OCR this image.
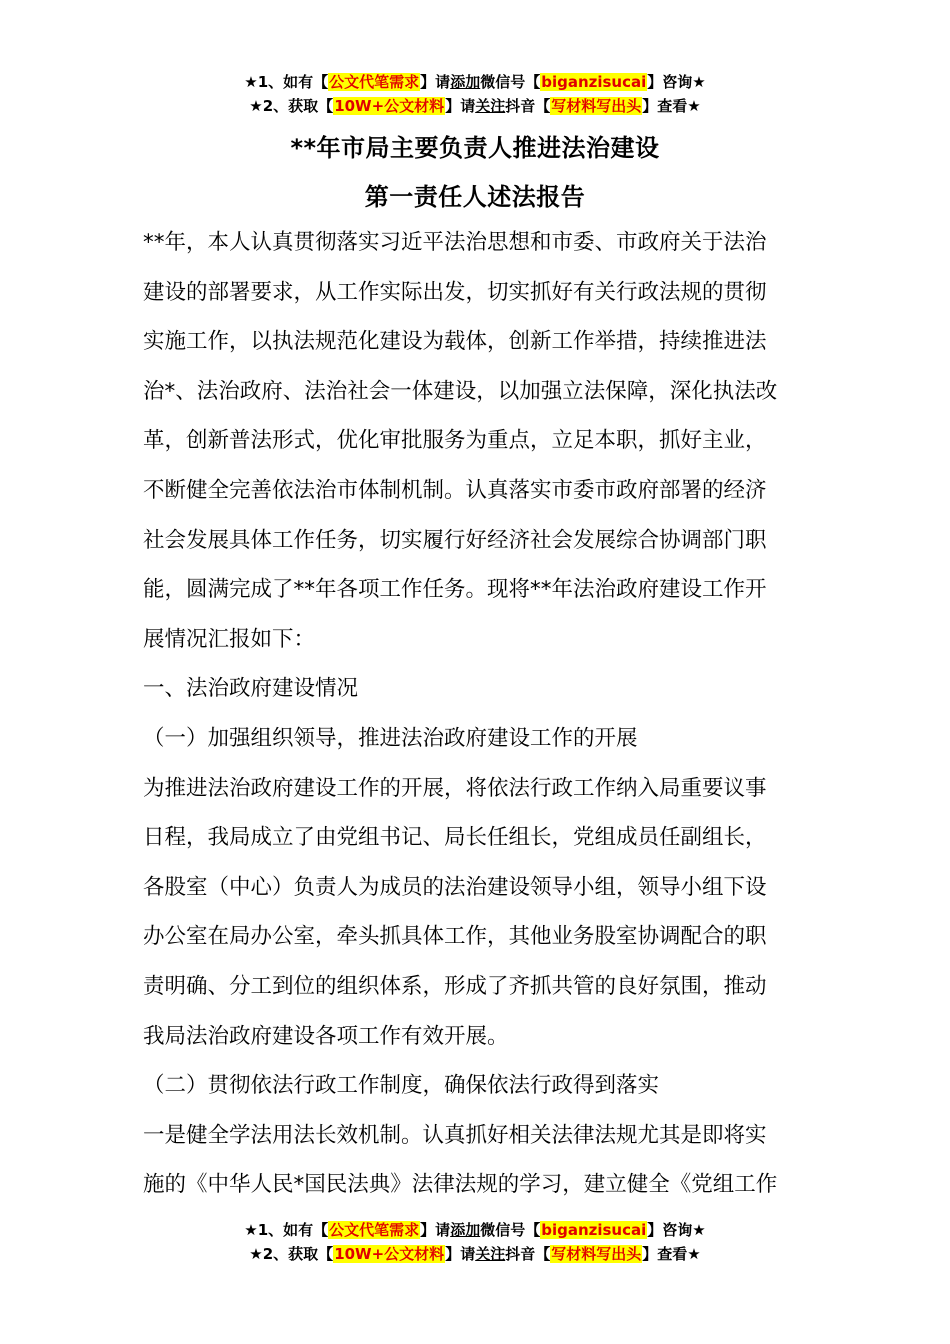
★1、如有【公文代笔需求】请添加微信号【biganzisucai】咨询★
★2、获取【10W+公文材料】请关注抖音【写材料写出头】查看★
**年市局主要负责人推进法治建设
第一责任人述法报告
**年，本人认真贯彻落实习近平法治思想和市委、市政府关于法治
建设的部署要求，从工作实际出发，切实抓好有关行政法规的贯彻
实施工作，以执法规范化建设为载体，创新工作举措，持续推进法
治*、法治政府、法治社会一体建设，以加强立法保障，深化执法改
革，创新普法形式，优化审批服务为重点，立足本职，抓好主业，
不断健全完善依法治市体制机制。认真落实市委市政府部署的经济
社会发展具体工作任务，切实履行好经济社会发展综合协调部门职
能，圆满完成了**年各项工作任务。现将**年法治政府建设工作开
展情况汇报如下：
一、法治政府建设情况
（一）加强组织领导，推进法治政府建设工作的开展
为推进法治政府建设工作的开展，将依法行政工作纳入局重要议事
日程，我局成立了由党组书记、局长任组长，党组成员任副组长，
各股室（中心）负责人为成员的法治建设领导小组，领导小组下设
办公室在局办公室，牵头抓具体工作，其他业务股室协调配合的职
责明确、分工到位的组织体系，形成了齐抓共管的良好氛围，推动
我局法治政府建设各项工作有效开展。
（二）贯彻依法行政工作制度，确保依法行政得到落实
一是健全学法用法长效机制。认真抓好相关法律法规尤其是即将实
施的《中华人民*国民法典》法律法规的学习，建立健全《党组工作
★1、如有【公文代笔需求】请添加微信号【biganzisucai】咨询★
★2、获取【10W+公文材料】请关注抖音【写材料写出头】查看★
